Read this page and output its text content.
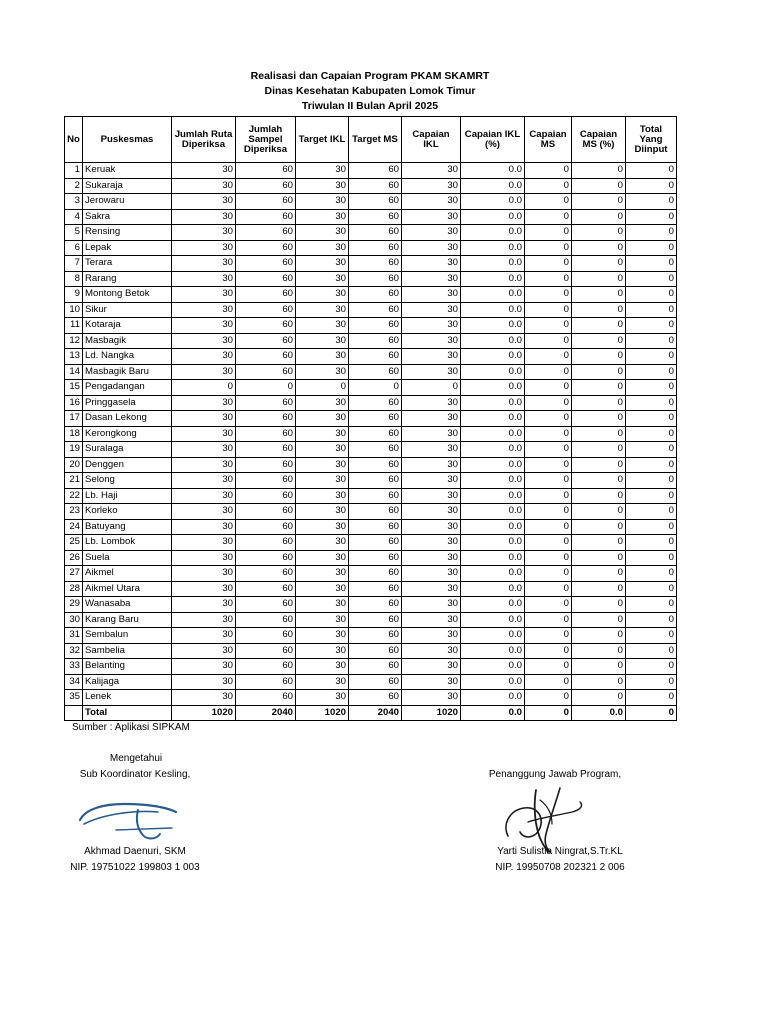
Realisasi dan Capaian Program PKAM SKAMRT
Dinas Kesehatan Kabupaten Lomok Timur
Triwulan II Bulan April 2025
No	Puskesmas	Jumlah Ruta Diperiksa	Jumlah Sampel Diperiksa	Target IKL	Target MS	Capaian IKL	Capaian IKL (%)	Capaian MS	Capaian MS (%)	Total Yang Diinput
1	Keruak	30	60	30	60	30	0.0	0	0	0
2	Sukaraja	30	60	30	60	30	0.0	0	0	0
3	Jerowaru	30	60	30	60	30	0.0	0	0	0
4	Sakra	30	60	30	60	30	0.0	0	0	0
5	Rensing	30	60	30	60	30	0.0	0	0	0
6	Lepak	30	60	30	60	30	0.0	0	0	0
7	Terara	30	60	30	60	30	0.0	0	0	0
8	Rarang	30	60	30	60	30	0.0	0	0	0
9	Montong Betok	30	60	30	60	30	0.0	0	0	0
10	Sikur	30	60	30	60	30	0.0	0	0	0
11	Kotaraja	30	60	30	60	30	0.0	0	0	0
12	Masbagik	30	60	30	60	30	0.0	0	0	0
13	Ld. Nangka	30	60	30	60	30	0.0	0	0	0
14	Masbagik Baru	30	60	30	60	30	0.0	0	0	0
15	Pengadangan	0	0	0	0	0	0.0	0	0	0
16	Pringgasela	30	60	30	60	30	0.0	0	0	0
17	Dasan Lekong	30	60	30	60	30	0.0	0	0	0
18	Kerongkong	30	60	30	60	30	0.0	0	0	0
19	Suralaga	30	60	30	60	30	0.0	0	0	0
20	Denggen	30	60	30	60	30	0.0	0	0	0
21	Selong	30	60	30	60	30	0.0	0	0	0
22	Lb. Haji	30	60	30	60	30	0.0	0	0	0
23	Korleko	30	60	30	60	30	0.0	0	0	0
24	Batuyang	30	60	30	60	30	0.0	0	0	0
25	Lb. Lombok	30	60	30	60	30	0.0	0	0	0
26	Suela	30	60	30	60	30	0.0	0	0	0
27	Aikmel	30	60	30	60	30	0.0	0	0	0
28	Aikmel Utara	30	60	30	60	30	0.0	0	0	0
29	Wanasaba	30	60	30	60	30	0.0	0	0	0
30	Karang Baru	30	60	30	60	30	0.0	0	0	0
31	Sembalun	30	60	30	60	30	0.0	0	0	0
32	Sambelia	30	60	30	60	30	0.0	0	0	0
33	Belanting	30	60	30	60	30	0.0	0	0	0
34	Kalijaga	30	60	30	60	30	0.0	0	0	0
35	Lenek	30	60	30	60	30	0.0	0	0	0
	Total	1020	2040	1020	2040	1020	0.0	0	0.0	0
Sumber : Aplikasi SIPKAM
Mengetahui
Sub Koordinator Kesling,
Akhmad Daenuri, SKM
NIP. 19751022 199803 1 003
Penanggung Jawab Program,
Yarti Sulistia Ningrat,S.Tr.KL
NIP. 19950708 202321 2 006
